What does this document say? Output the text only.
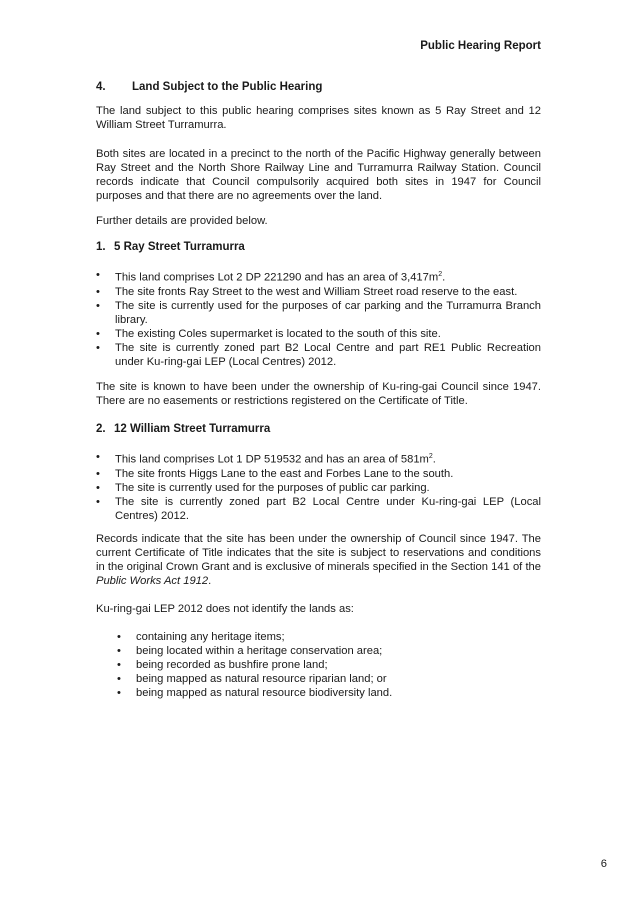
Public Hearing Report
4. Land Subject to the Public Hearing

The land subject to this public hearing comprises sites known as 5 Ray Street and 12 William Street Turramurra.

Both sites are located in a precinct to the north of the Pacific Highway generally between Ray Street and the North Shore Railway Line and Turramurra Railway Station. Council records indicate that Council compulsorily acquired both sites in 1947 for Council purposes and that there are no agreements over the land.

Further details are provided below.

1. 5 Ray Street Turramurra
• This land comprises Lot 2 DP 221290 and has an area of $3,417m^2$.
• The site fronts Ray Street to the west and William Street road reserve to the east.
• The site is currently used for the purposes of car parking and the Turramurra Branch library.
• The existing Coles supermarket is located to the south of this site.
• The site is currently zoned part B2 Local Centre and part RE1 Public Recreation under Ku-ring-gai LEP (Local Centres) 2012.

The site is known to have been under the ownership of Ku-ring-gai Council since 1947. There are no easements or restrictions registered on the Certificate of Title.

2. 12 William Street Turramurra
• This land comprises Lot 1 DP 519532 and has an area of $581m^2$.
• The site fronts Higgs Lane to the east and Forbes Lane to the south.
• The site is currently used for the purposes of public car parking.
• The site is currently zoned part B2 Local Centre under Ku-ring-gai LEP (Local Centres) 2012.

Records indicate that the site has been under the ownership of Council since 1947. The current Certificate of Title indicates that the site is subject to reservations and conditions in the original Crown Grant and is exclusive of minerals specified in the Section 141 of the Public Works Act 1912.

Ku-ring-gai LEP 2012 does not identify the lands as:

• containing any heritage items;
• being located within a heritage conservation area;
• being recorded as bushfire prone land;
• being mapped as natural resource riparian land; or
• being mapped as natural resource biodiversity land.
6
